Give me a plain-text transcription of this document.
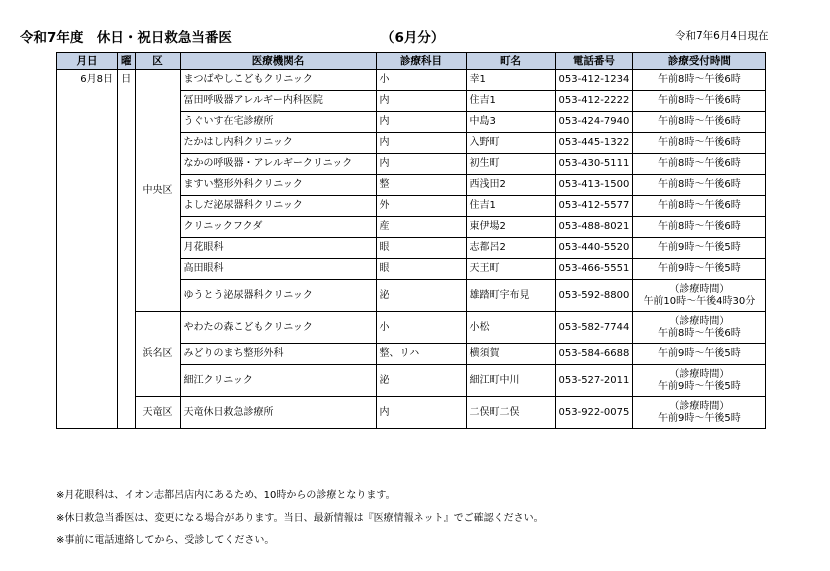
令和7年度　休日・祝日救急当番医	（6月分）	令和7年6月4日現在
月日	曜	区	医療機関名	診療科目	町名	電話番号	診療受付時間
6月8日	日	中央区	まつばやしこどもクリニック	小	幸1	053-412-1234	午前8時～午後6時
			冨田呼吸器アレルギー内科医院	内	住吉1	053-412-2222	午前8時～午後6時
			うぐいす在宅診療所	内	中島3	053-424-7940	午前8時～午後6時
			たかはし内科クリニック	内	入野町	053-445-1322	午前8時～午後6時
			なかの呼吸器・アレルギークリニック	内	初生町	053-430-5111	午前8時～午後6時
			ますい整形外科クリニック	整	西浅田2	053-413-1500	午前8時～午後6時
			よしだ泌尿器科クリニック	外	住吉1	053-412-5577	午前8時～午後6時
			クリニックフクダ	産	東伊場2	053-488-8021	午前8時～午後6時
			月花眼科	眼	志都呂2	053-440-5520	午前9時～午後5時
			高田眼科	眼	天王町	053-466-5551	午前9時～午後5時
			ゆうとう泌尿器科クリニック	泌	雄踏町宇布見	053-592-8800	（診療時間）
午前10時～午後4時30分

		浜名区	やわたの森こどもクリニック	小	小松	053-582-7744	（診療時間）
午前8時～午後6時

			みどりのまち整形外科	整、リハ	横須賀	053-584-6688	午前9時～午後5時
			細江クリニック	泌	細江町中川	053-527-2011	（診療時間）
午前9時～午後5時

		天竜区	天竜休日救急診療所	内	二俣町二俣	053-922-0075	（診療時間）
午前9時～午後5時
※月花眼科は、イオン志都呂店内にあるため、10時からの診療となります。
※休日救急当番医は、変更になる場合があります。当日、最新情報は『医療情報ネット』でご確認ください。
※事前に電話連絡してから、受診してください。
